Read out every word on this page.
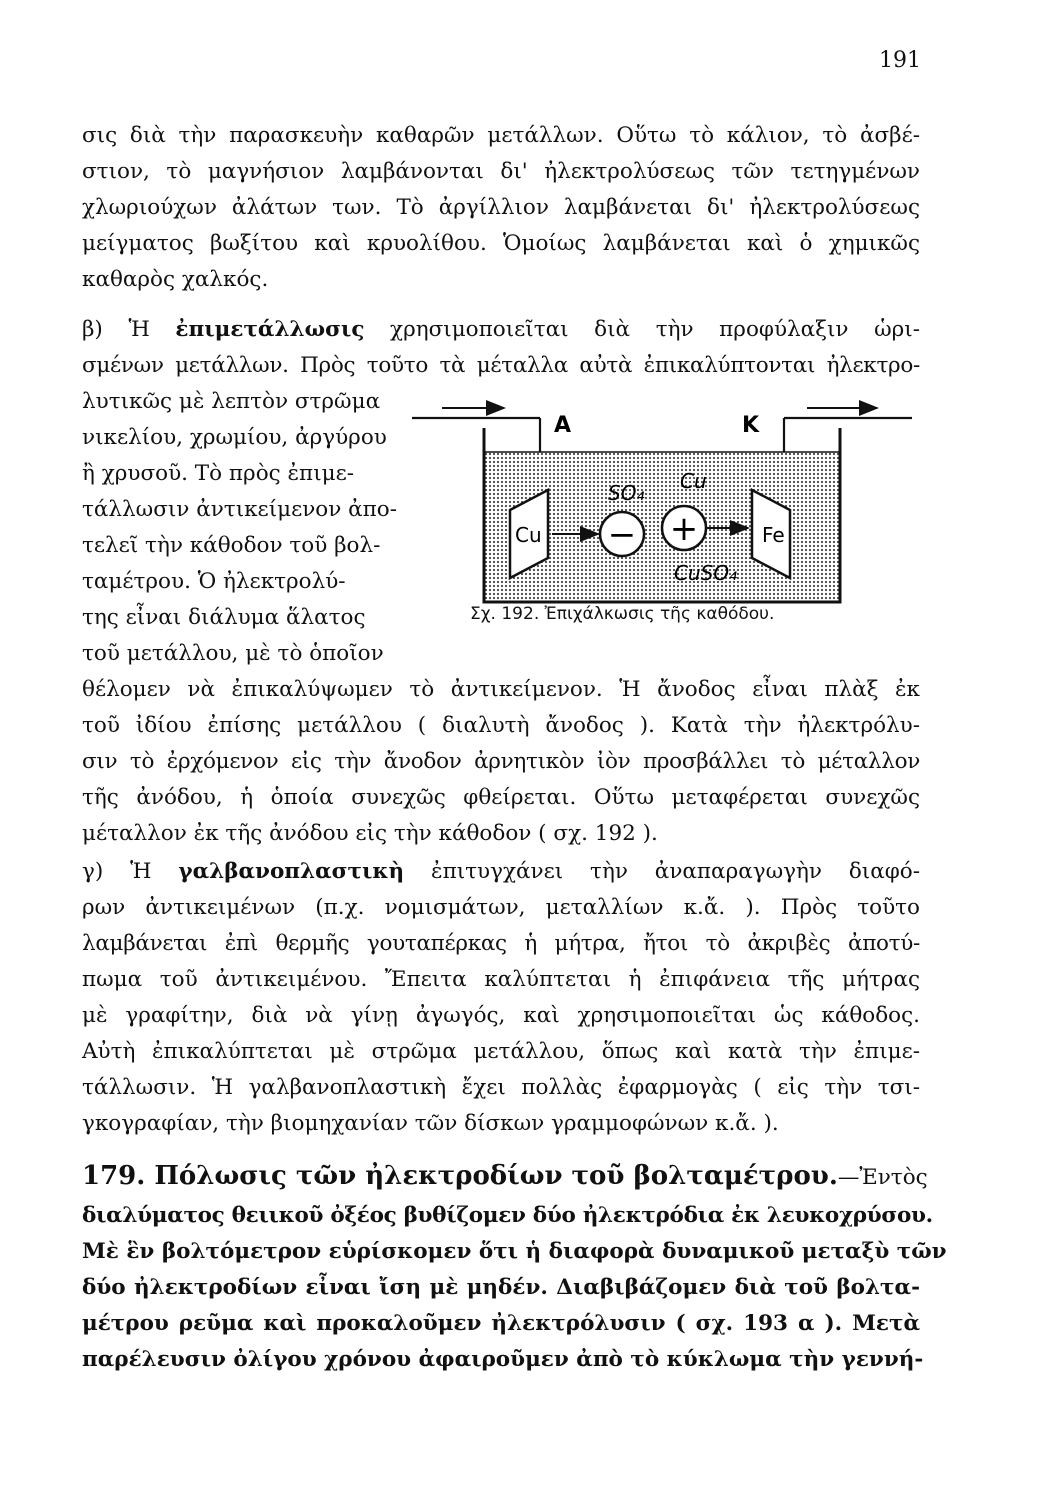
191
σις διὰ τὴν παρασκευὴν καθαρῶν μετάλλων. Οὕτω τὸ κάλιον, τὸ ἀσβέ-
στιον, τὸ μαγνήσιον λαμβάνονται δι' ἠλεκτρολύσεως τῶν τετηγμένων
χλωριούχων ἀλάτων των. Τὸ ἀργίλλιον λαμβάνεται δι' ἠλεκτρολύσεως
μείγματος βωξίτου καὶ κρυολίθου. Ὁμοίως λαμβάνεται καὶ ὁ χημικῶς
καθαρὸς χαλκός.
β) Ἡ ἐπιμετάλλωσις χρησιμοποιεῖται διὰ τὴν προφύλαξιν ὡρι-
σμένων μετάλλων. Πρὸς τοῦτο τὰ μέταλλα αὐτὰ ἐπικαλύπτονται ἠλεκτρο-
λυτικῶς μὲ λεπτὸν στρῶμα
νικελίου, χρωμίου, ἀργύρου
ἢ χρυσοῦ. Τὸ πρὸς ἐπιμε-
τάλλωσιν ἀντικείμενον ἀπο-
τελεῖ τὴν κάθοδον τοῦ βολ-
ταμέτρου. Ὁ ἠλεκτρολύ-
της εἶναι διάλυμα ἅλατος
τοῦ μετάλλου, μὲ τὸ ὁποῖον
θέλομεν νὰ ἐπικαλύψωμεν τὸ ἀντικείμενον. Ἡ ἄνοδος εἶναι πλὰξ ἐκ
τοῦ ἰδίου ἐπίσης μετάλλου ( διαλυτὴ ἄνοδος ). Κατὰ τὴν ἠλεκτρόλυ-
σιν τὸ ἐρχόμενον εἰς τὴν ἄνοδον ἀρνητικὸν ἰὸν προσβάλλει τὸ μέταλλον
τῆς ἀνόδου, ἡ ὁποία συνεχῶς φθείρεται. Οὕτω μεταφέρεται συνεχῶς
μέταλλον ἐκ τῆς ἀνόδου εἰς τὴν κάθοδον ( σχ. 192 ).
A	K
Cu	Fe
− +
SO₄ Cu
CuSO₄
Σχ. 192. Ἐπιχάλκωσις τῆς καθόδου.
γ) Ἡ γαλβανοπλαστικὴ ἐπιτυγχάνει τὴν ἀναπαραγωγὴν διαφό-
ρων ἀντικειμένων (π.χ. νομισμάτων, μεταλλίων κ.ἄ. ). Πρὸς τοῦτο
λαμβάνεται ἐπὶ θερμῆς γουταπέρκας ἡ μήτρα, ἤτοι τὸ ἀκριβὲς ἀποτύ-
πωμα τοῦ ἀντικειμένου. Ἔπειτα καλύπτεται ἡ ἐπιφάνεια τῆς μήτρας
μὲ γραφίτην, διὰ νὰ γίνῃ ἀγωγός, καὶ χρησιμοποιεῖται ὡς κάθοδος.
Αὐτὴ ἐπικαλύπτεται μὲ στρῶμα μετάλλου, ὅπως καὶ κατὰ τὴν ἐπιμε-
τάλλωσιν. Ἡ γαλβανοπλαστικὴ ἔχει πολλὰς ἐφαρμογὰς ( εἰς τὴν τσι-
γκογραφίαν, τὴν βιομηχανίαν τῶν δίσκων γραμμοφώνων κ.ἄ. ).
179. Πόλωσις τῶν ἠλεκτροδίων τοῦ βολταμέτρου.—Ἐντὸς
διαλύματος θειικοῦ ὀξέος βυθίζομεν δύο ἠλεκτρόδια ἐκ λευκοχρύσου.
Μὲ ἓν βολτόμετρον εὑρίσκομεν ὅτι ἡ διαφορὰ δυναμικοῦ μεταξὺ τῶν
δύο ἠλεκτροδίων εἶναι ἴση μὲ μηδέν. Διαβιβάζομεν διὰ τοῦ βολτα-
μέτρου ρεῦμα καὶ προκαλοῦμεν ἠλεκτρόλυσιν ( σχ. 193 α ). Μετὰ
παρέλευσιν ὀλίγου χρόνου ἀφαιροῦμεν ἀπὸ τὸ κύκλωμα τὴν γεννή-
